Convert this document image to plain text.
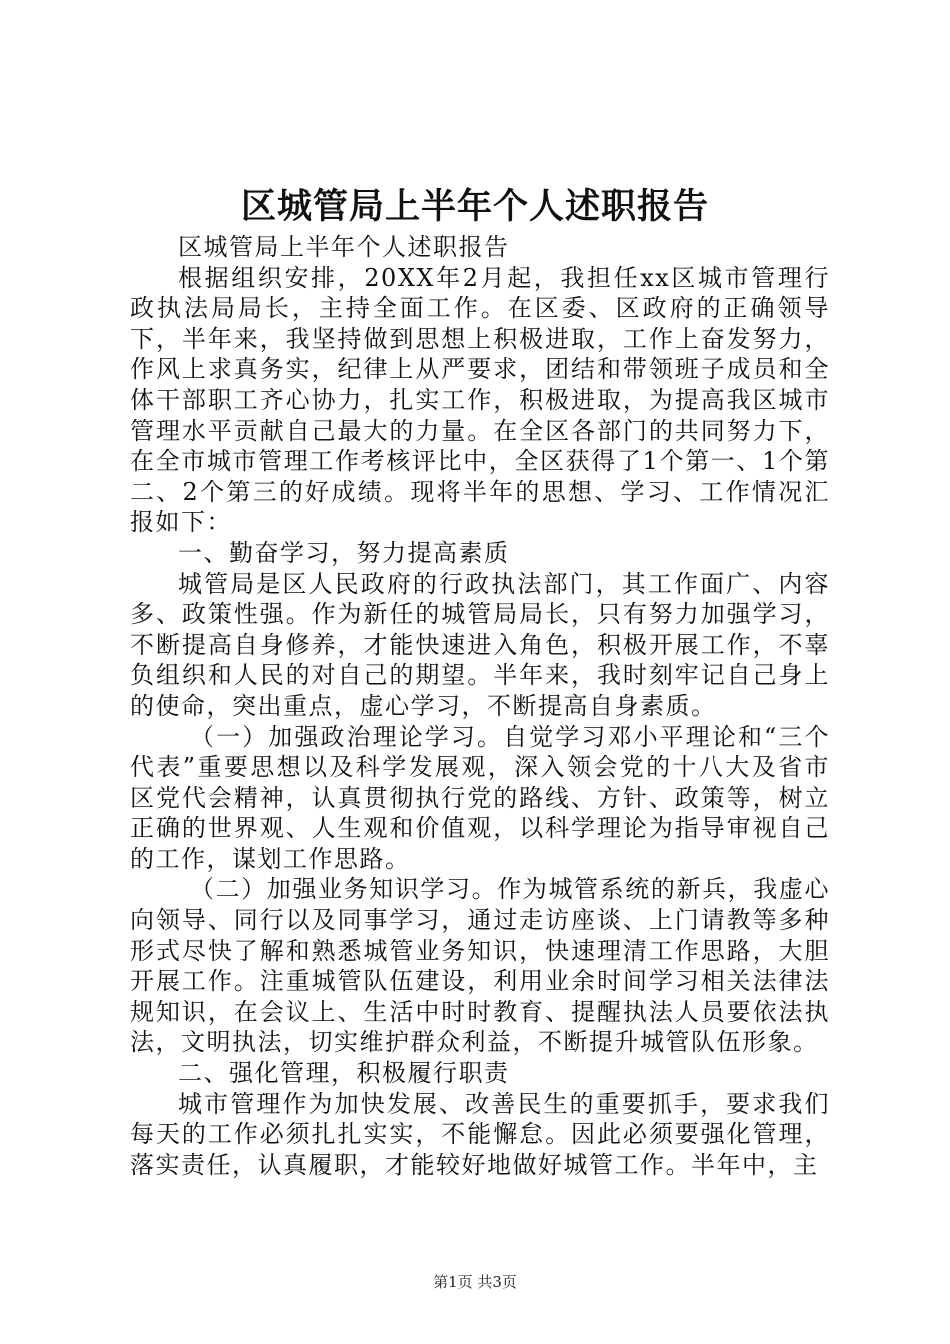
区城管局上半年个人述职报告

区城管局上半年个人述职报告

根据组织安排，20XX年2月起，我担任xx区城市管理行政执法局局长，主持全面工作。在区委、区政府的正确领导下，半年来，我坚持做到思想上积极进取，工作上奋发努力，作风上求真务实，纪律上从严要求，团结和带领班子成员和全体干部职工齐心协力，扎实工作，积极进取，为提高我区城市管理水平贡献自己最大的力量。在全区各部门的共同努力下，在全市城市管理工作考核评比中，全区获得了1个第一、1个第二、2个第三的好成绩。现将半年的思想、学习、工作情况汇报如下：

一、勤奋学习，努力提高素质

城管局是区人民政府的行政执法部门，其工作面广、内容多、政策性强。作为新任的城管局局长，只有努力加强学习，不断提高自身修养，才能快速进入角色，积极开展工作，不辜负组织和人民的对自己的期望。半年来，我时刻牢记自己身上的使命，突出重点，虚心学习，不断提高自身素质。

（一）加强政治理论学习。自觉学习邓小平理论和“三个代表”重要思想以及科学发展观，深入领会党的十八大及省市区党代会精神，认真贯彻执行党的路线、方针、政策等，树立正确的世界观、人生观和价值观，以科学理论为指导审视自己的工作，谋划工作思路。

（二）加强业务知识学习。作为城管系统的新兵，我虚心向领导、同行以及同事学习，通过走访座谈、上门请教等多种形式尽快了解和熟悉城管业务知识，快速理清工作思路，大胆开展工作。注重城管队伍建设，利用业余时间学习相关法律法规知识，在会议上、生活中时时教育、提醒执法人员要依法执法，文明执法，切实维护群众利益，不断提升城管队伍形象。

二、强化管理，积极履行职责

城市管理作为加快发展、改善民生的重要抓手，要求我们每天的工作必须扎扎实实，不能懈怠。因此必须要强化管理，落实责任，认真履职，才能较好地做好城管工作。半年中，主

第1页 共3页
